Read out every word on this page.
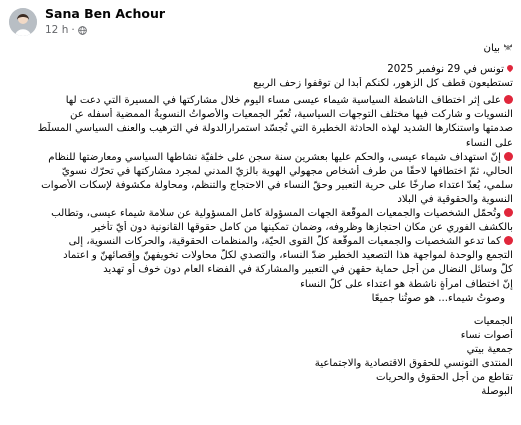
Sana Ben Achour
12 h ·
بيان
تونس في 29 نوفمبر 2025
تستطيعون قطف كل الزهور، لكنكم أبدا لن توقفوا زحف الربيع
على إثر اختطاف الناشطة السياسية شيماء عيسى مساء اليوم خلال مشاركتها في المسيرة التي دعت لها
النسويات و شاركت فيها مختلف التوجهات السياسية، تُعبّر الجمعيات والأصواتُ النسويةُ الممضية أسفله عن
صدمتها واستنكارها الشديد لهذه الحادثة الخطيرة التي تُجسّد استمرارالدولة في الترهيب والعنف السياسي المسلّط
على النساء
إنّ استهداف شيماء عيسى، والحكم عليها بعشرين سنة سجن على خلفيّة نشاطها السياسي ومعارضتها للنظام
الحالي، ثمّ اختطافها لاحقًا من طرف أشخاص مجهولي الهوية بالزيّ المدني لمجرد مشاركتها في تحرّك نسويّ
سلمي، يُعدّ اعتداء صارخًا على حرية التعبير وحقّ النساء في الاحتجاج والتنظم، ومحاولة مكشوفة لإسكات الأصوات
النسوية والحقوقية في البلاد
وتُحمّل الشخصيات والجمعيات الموقّعة الجهات المسؤولة كامل المسؤولية عن سلامة شيماء عيسى، وتطالب
بالكشف الفوري عن مكان احتجازها وظروفه، وضمان تمكينها من كامل حقوقها القانونية دون أيّ تأخير
كما تدعو الشخصيات والجمعيات الموقّعة كلّ القوى الحيّة، والمنظمات الحقوقية، والحركات النسوية، إلى
التجمع والوحدة لمواجهة هذا التصعيد الخطير ضدّ النساء، والتصدي لكلّ محاولات تخويفهنّ وإقصائهنّ و اعتماد
كلّ وسائل النضال من أجل حماية حقهن في التعبير والمشاركة في الفضاء العام دون خوف أو تهديد
إنّ اختطاف امرأةٍ ناشطة هو اعتداء على كلّ النساء
وصوتُ شيماء... هو صوتُنا جميعًا
الجمعيات
أصوات نساء
جمعية بيتي
المنتدى التونسي للحقوق الاقتصادية والاجتماعية
تقاطع من أجل الحقوق والحريات
البوصلة
